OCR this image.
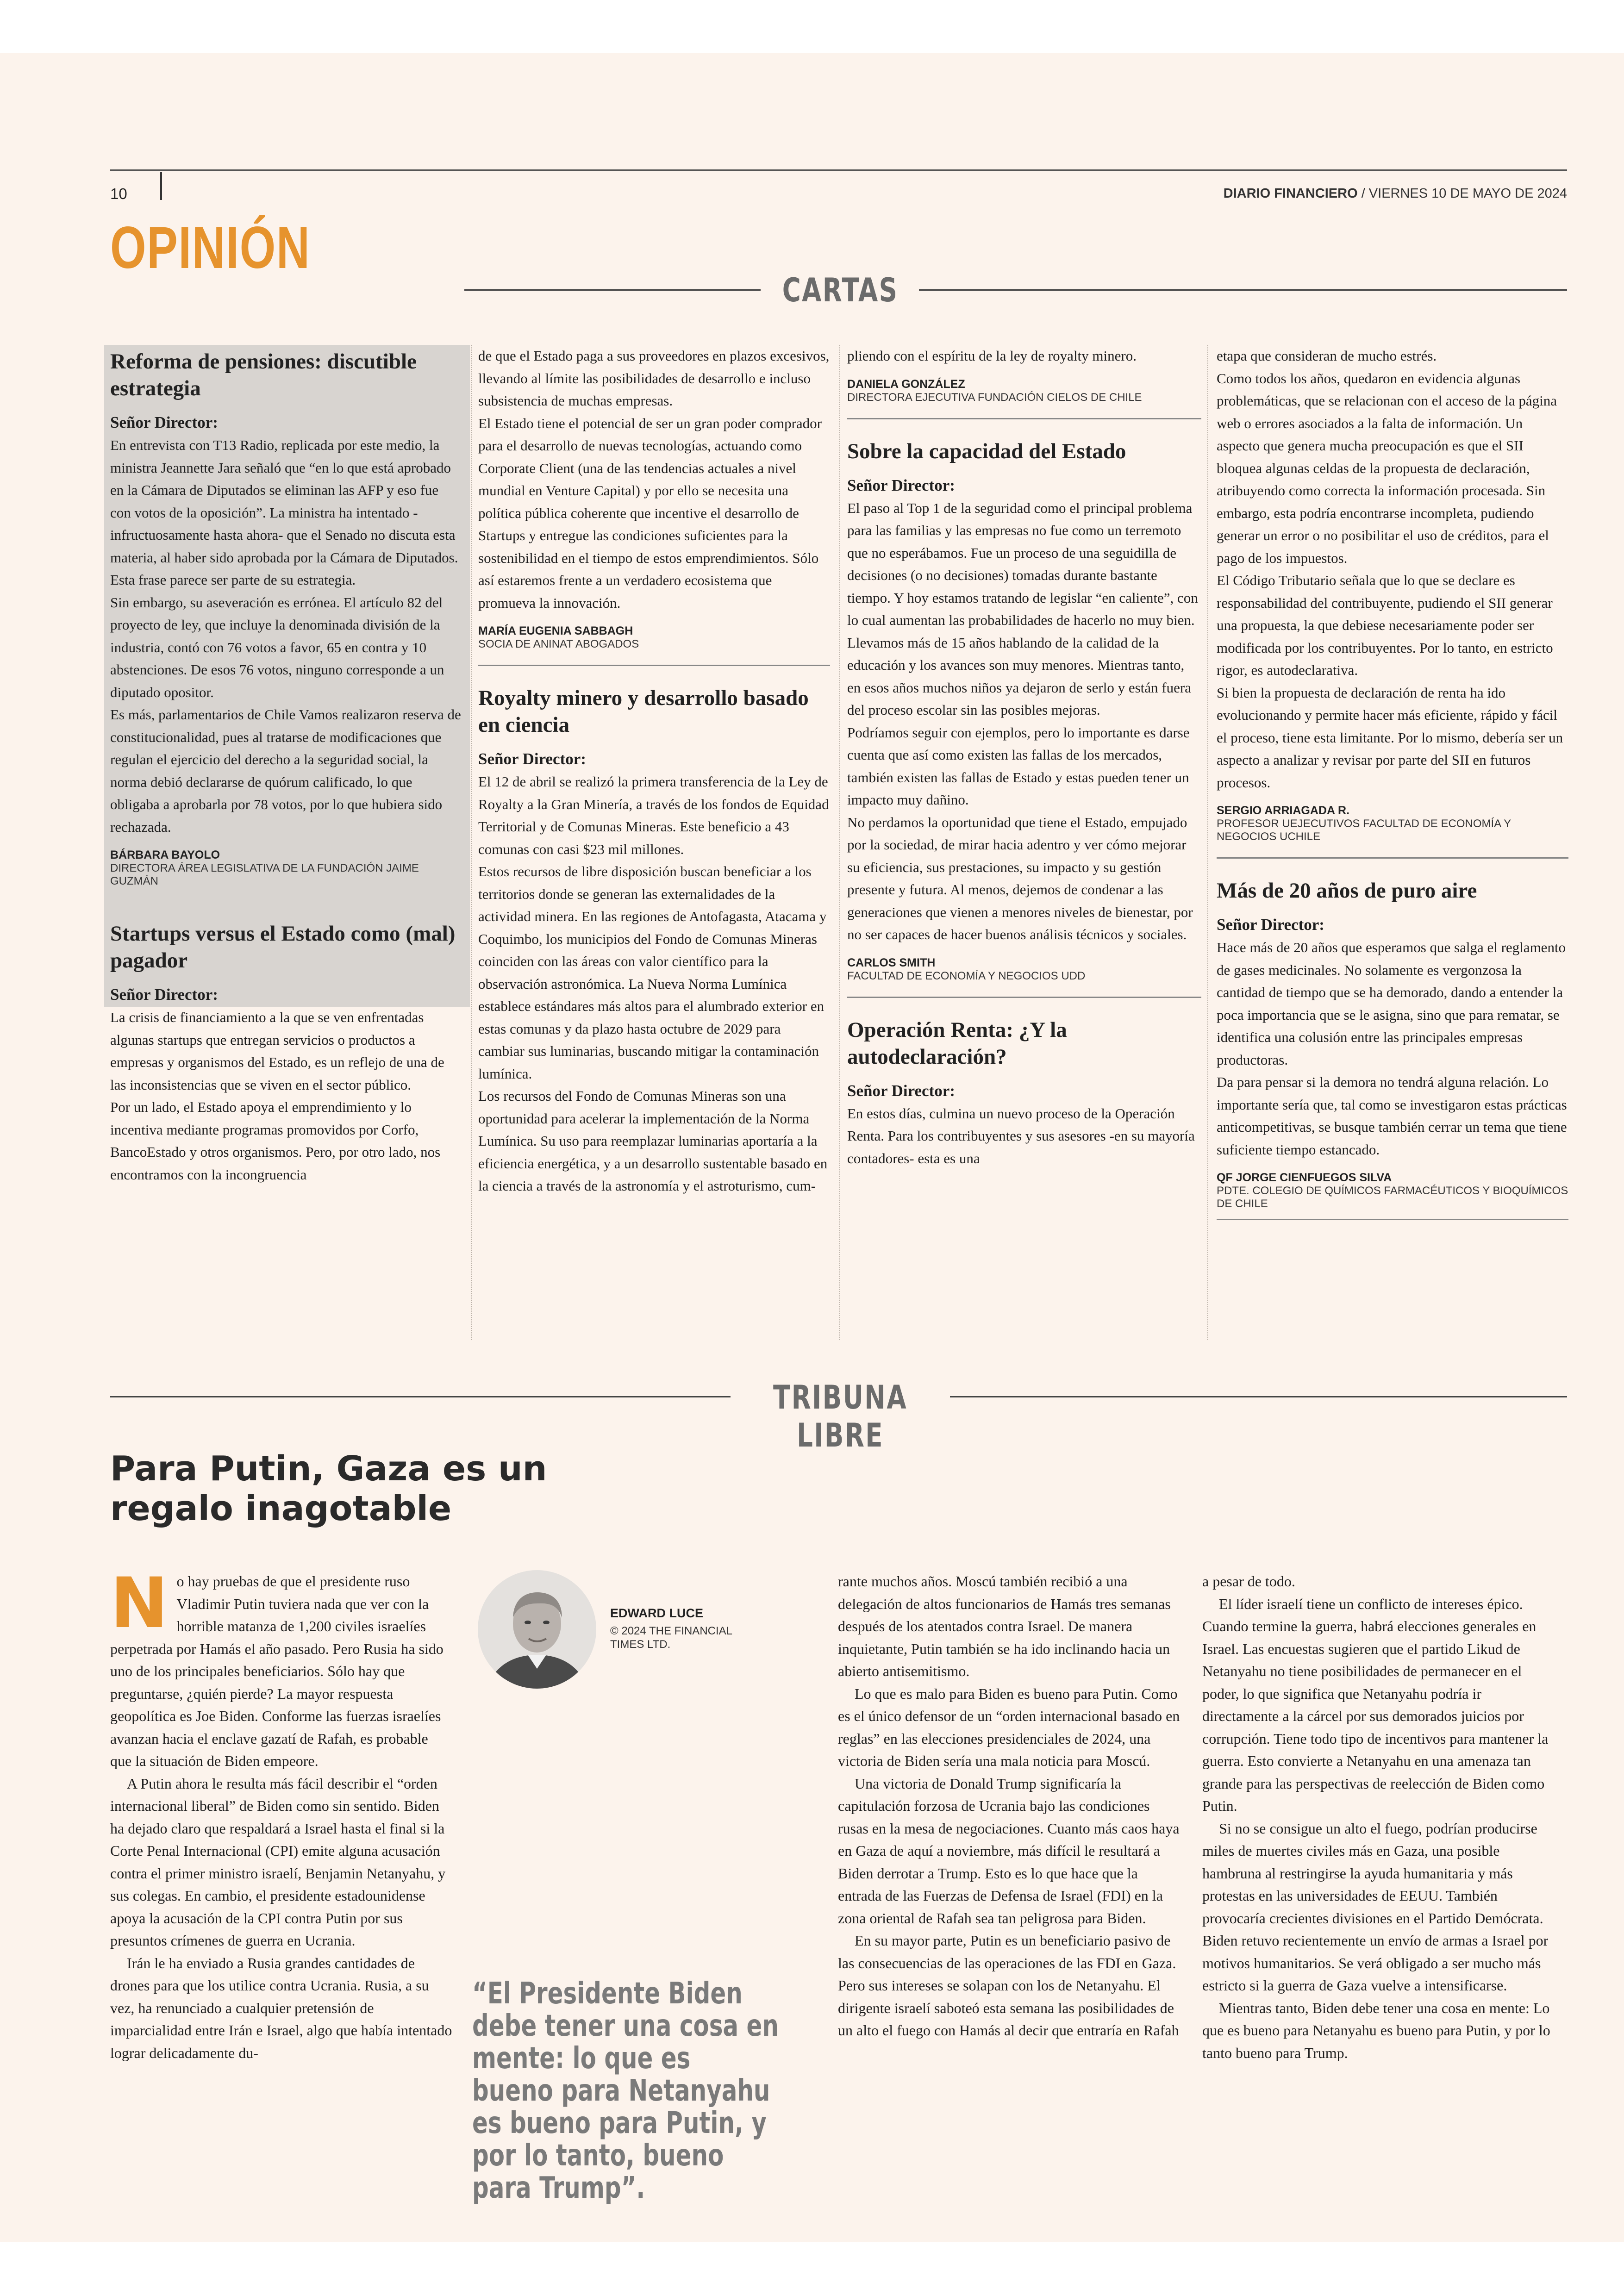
10	DIARIO FINANCIERO / VIERNES 10 DE MAYO DE 2024
OPINIÓN
CARTAS
Reforma de pensiones: discutible estrategia
Señor Director:

En entrevista con T13 Radio, replicada por este medio, la ministra Jeannette Jara señaló que “en lo que está aprobado en la Cámara de Diputados se eliminan las AFP y eso fue con votos de la oposición”. La ministra ha intentado -infructuosamente hasta ahora- que el Senado no discuta esta materia, al haber sido aprobada por la Cámara de Diputados. Esta frase parece ser parte de su estrategia.

Sin embargo, su aseveración es errónea. El artículo 82 del proyecto de ley, que incluye la denominada división de la industria, contó con 76 votos a favor, 65 en contra y 10 abstenciones. De esos 76 votos, ninguno corresponde a un diputado opositor.

Es más, parlamentarios de Chile Vamos realizaron reserva de constitucionalidad, pues al tratarse de modificaciones que regulan el ejercicio del derecho a la seguridad social, la norma debió declararse de quórum calificado, lo que obligaba a aprobarla por 78 votos, por lo que hubiera sido rechazada.

BÁRBARA BAYOLO
DIRECTORA ÁREA LEGISLATIVA DE LA FUNDACIÓN JAIME GUZMÁN
Startups versus el Estado como (mal) pagador
Señor Director:

La crisis de financiamiento a la que se ven enfrentadas algunas startups que entregan servicios o productos a empresas y organismos del Estado, es un reflejo de una de las inconsistencias que se viven en el sector público.

Por un lado, el Estado apoya el emprendimiento y lo incentiva mediante programas promovidos por Corfo, BancoEstado y otros organismos. Pero, por otro lado, nos encontramos con la incongruencia

de que el Estado paga a sus proveedores en plazos excesivos, llevando al límite las posibilidades de desarrollo e incluso subsistencia de muchas empresas.

El Estado tiene el potencial de ser un gran poder comprador para el desarrollo de nuevas tecnologías, actuando como Corporate Client (una de las tendencias actuales a nivel mundial en Venture Capital) y por ello se necesita una política pública coherente que incentive el desarrollo de Startups y entregue las condiciones suficientes para la sostenibilidad en el tiempo de estos emprendimientos. Sólo así estaremos frente a un verdadero ecosistema que promueva la innovación.

MARÍA EUGENIA SABBAGH
SOCIA DE ANINAT ABOGADOS
Royalty minero y desarrollo basado en ciencia
Señor Director:

El 12 de abril se realizó la primera transferencia de la Ley de Royalty a la Gran Minería, a través de los fondos de Equidad Territorial y de Comunas Mineras. Este beneficio a 43 comunas con casi $23 mil millones.

Estos recursos de libre disposición buscan beneficiar a los territorios donde se generan las externalidades de la actividad minera. En las regiones de Antofagasta, Atacama y Coquimbo, los municipios del Fondo de Comunas Mineras coinciden con las áreas con valor científico para la observación astronómica. La Nueva Norma Lumínica establece estándares más altos para el alumbrado exterior en estas comunas y da plazo hasta octubre de 2029 para cambiar sus luminarias, buscando mitigar la contaminación lumínica.

Los recursos del Fondo de Comunas Mineras son una oportunidad para acelerar la implementación de la Norma Lumínica. Su uso para reemplazar luminarias aportaría a la eficiencia energética, y a un desarrollo sustentable basado en la ciencia a través de la astronomía y el astroturismo, cum-

pliendo con el espíritu de la ley de royalty minero.

DANIELA GONZÁLEZ
DIRECTORA EJECUTIVA FUNDACIÓN CIELOS DE CHILE
Sobre la capacidad del Estado
Señor Director:

El paso al Top 1 de la seguridad como el principal problema para las familias y las empresas no fue como un terremoto que no esperábamos. Fue un proceso de una seguidilla de decisiones (o no decisiones) tomadas durante bastante tiempo. Y hoy estamos tratando de legislar “en caliente”, con lo cual aumentan las probabilidades de hacerlo no muy bien.

Llevamos más de 15 años hablando de la calidad de la educación y los avances son muy menores. Mientras tanto, en esos años muchos niños ya dejaron de serlo y están fuera del proceso escolar sin las posibles mejoras.

Podríamos seguir con ejemplos, pero lo importante es darse cuenta que así como existen las fallas de los mercados, también existen las fallas de Estado y estas pueden tener un impacto muy dañino.

No perdamos la oportunidad que tiene el Estado, empujado por la sociedad, de mirar hacia adentro y ver cómo mejorar su eficiencia, sus prestaciones, su impacto y su gestión presente y futura. Al menos, dejemos de condenar a las generaciones que vienen a menores niveles de bienestar, por no ser capaces de hacer buenos análisis técnicos y sociales.

CARLOS SMITH
FACULTAD DE ECONOMÍA Y NEGOCIOS UDD
Operación Renta: ¿Y la autodeclaración?
Señor Director:

En estos días, culmina un nuevo proceso de la Operación Renta. Para los contribuyentes y sus asesores -en su mayoría contadores- esta es una

etapa que consideran de mucho estrés.

Como todos los años, quedaron en evidencia algunas problemáticas, que se relacionan con el acceso de la página web o errores asociados a la falta de información. Un aspecto que genera mucha preocupación es que el SII bloquea algunas celdas de la propuesta de declaración, atribuyendo como correcta la información procesada. Sin embargo, esta podría encontrarse incompleta, pudiendo generar un error o no posibilitar el uso de créditos, para el pago de los impuestos.

El Código Tributario señala que lo que se declare es responsabilidad del contribuyente, pudiendo el SII generar una propuesta, la que debiese necesariamente poder ser modificada por los contribuyentes. Por lo tanto, en estricto rigor, es autodeclarativa.

Si bien la propuesta de declaración de renta ha ido evolucionando y permite hacer más eficiente, rápido y fácil el proceso, tiene esta limitante. Por lo mismo, debería ser un aspecto a analizar y revisar por parte del SII en futuros procesos.

SERGIO ARRIAGADA R.
PROFESOR UEJECUTIVOS FACULTAD DE ECONOMÍA Y NEGOCIOS UCHILE
Más de 20 años de puro aire
Señor Director:

Hace más de 20 años que esperamos que salga el reglamento de gases medicinales. No solamente es vergonzosa la cantidad de tiempo que se ha demorado, dando a entender la poca importancia que se le asigna, sino que para rematar, se identifica una colusión entre las principales empresas productoras.

Da para pensar si la demora no tendrá alguna relación. Lo importante sería que, tal como se investigaron estas prácticas anticompetitivas, se busque también cerrar un tema que tiene suficiente tiempo estancado.

QF JORGE CIENFUEGOS SILVA
PDTE. COLEGIO DE QUÍMICOS FARMACÉUTICOS Y BIOQUÍMICOS DE CHILE
TRIBUNA LIBRE
Para Putin, Gaza es un regalo inagotable
EDWARD LUCE
© 2024 THE FINANCIAL TIMES LTD.
“El Presidente Biden debe tener una cosa en mente: lo que es bueno para Netanyahu es bueno para Putin, y por lo tanto, bueno para Trump”.

No hay pruebas de que el presidente ruso Vladimir Putin tuviera nada que ver con la horrible matanza de 1,200 civiles israelíes perpetrada por Hamás el año pasado. Pero Rusia ha sido uno de los principales beneficiarios. Sólo hay que preguntarse, ¿quién pierde? La mayor respuesta geopolítica es Joe Biden. Conforme las fuerzas israelíes avanzan hacia el enclave gazatí de Rafah, es probable que la situación de Biden empeore.

A Putin ahora le resulta más fácil describir el “orden internacional liberal” de Biden como sin sentido. Biden ha dejado claro que respaldará a Israel hasta el final si la Corte Penal Internacional (CPI) emite alguna acusación contra el primer ministro israelí, Benjamin Netanyahu, y sus colegas. En cambio, el presidente estadounidense apoya la acusación de la CPI contra Putin por sus presuntos crímenes de guerra en Ucrania.

Irán le ha enviado a Rusia grandes cantidades de drones para que los utilice contra Ucrania. Rusia, a su vez, ha renunciado a cualquier pretensión de imparcialidad entre Irán e Israel, algo que había intentado lograr delicadamente du-

rante muchos años. Moscú también recibió a una delegación de altos funcionarios de Hamás tres semanas después de los atentados contra Israel. De manera inquietante, Putin también se ha ido inclinando hacia un abierto antisemitismo.

Lo que es malo para Biden es bueno para Putin. Como es el único defensor de un “orden internacional basado en reglas” en las elecciones presidenciales de 2024, una victoria de Biden sería una mala noticia para Moscú.

Una victoria de Donald Trump significaría la capitulación forzosa de Ucrania bajo las condiciones rusas en la mesa de negociaciones. Cuanto más caos haya en Gaza de aquí a noviembre, más difícil le resultará a Biden derrotar a Trump. Esto es lo que hace que la entrada de las Fuerzas de Defensa de Israel (FDI) en la zona oriental de Rafah sea tan peligrosa para Biden.

En su mayor parte, Putin es un beneficiario pasivo de las consecuencias de las operaciones de las FDI en Gaza. Pero sus intereses se solapan con los de Netanyahu. El dirigente israelí saboteó esta semana las posibilidades de un alto el fuego con Hamás al decir que entraría en Rafah

a pesar de todo.

El líder israelí tiene un conflicto de intereses épico. Cuando termine la guerra, habrá elecciones generales en Israel. Las encuestas sugieren que el partido Likud de Netanyahu no tiene posibilidades de permanecer en el poder, lo que significa que Netanyahu podría ir directamente a la cárcel por sus demorados juicios por corrupción. Tiene todo tipo de incentivos para mantener la guerra. Esto convierte a Netanyahu en una amenaza tan grande para las perspectivas de reelección de Biden como Putin.

Si no se consigue un alto el fuego, podrían producirse miles de muertes civiles más en Gaza, una posible hambruna al restringirse la ayuda humanitaria y más protestas en las universidades de EEUU. También provocaría crecientes divisiones en el Partido Demócrata. Biden retuvo recientemente un envío de armas a Israel por motivos humanitarios. Se verá obligado a ser mucho más estricto si la guerra de Gaza vuelve a intensificarse.

Mientras tanto, Biden debe tener una cosa en mente: Lo que es bueno para Netanyahu es bueno para Putin, y por lo tanto bueno para Trump.
